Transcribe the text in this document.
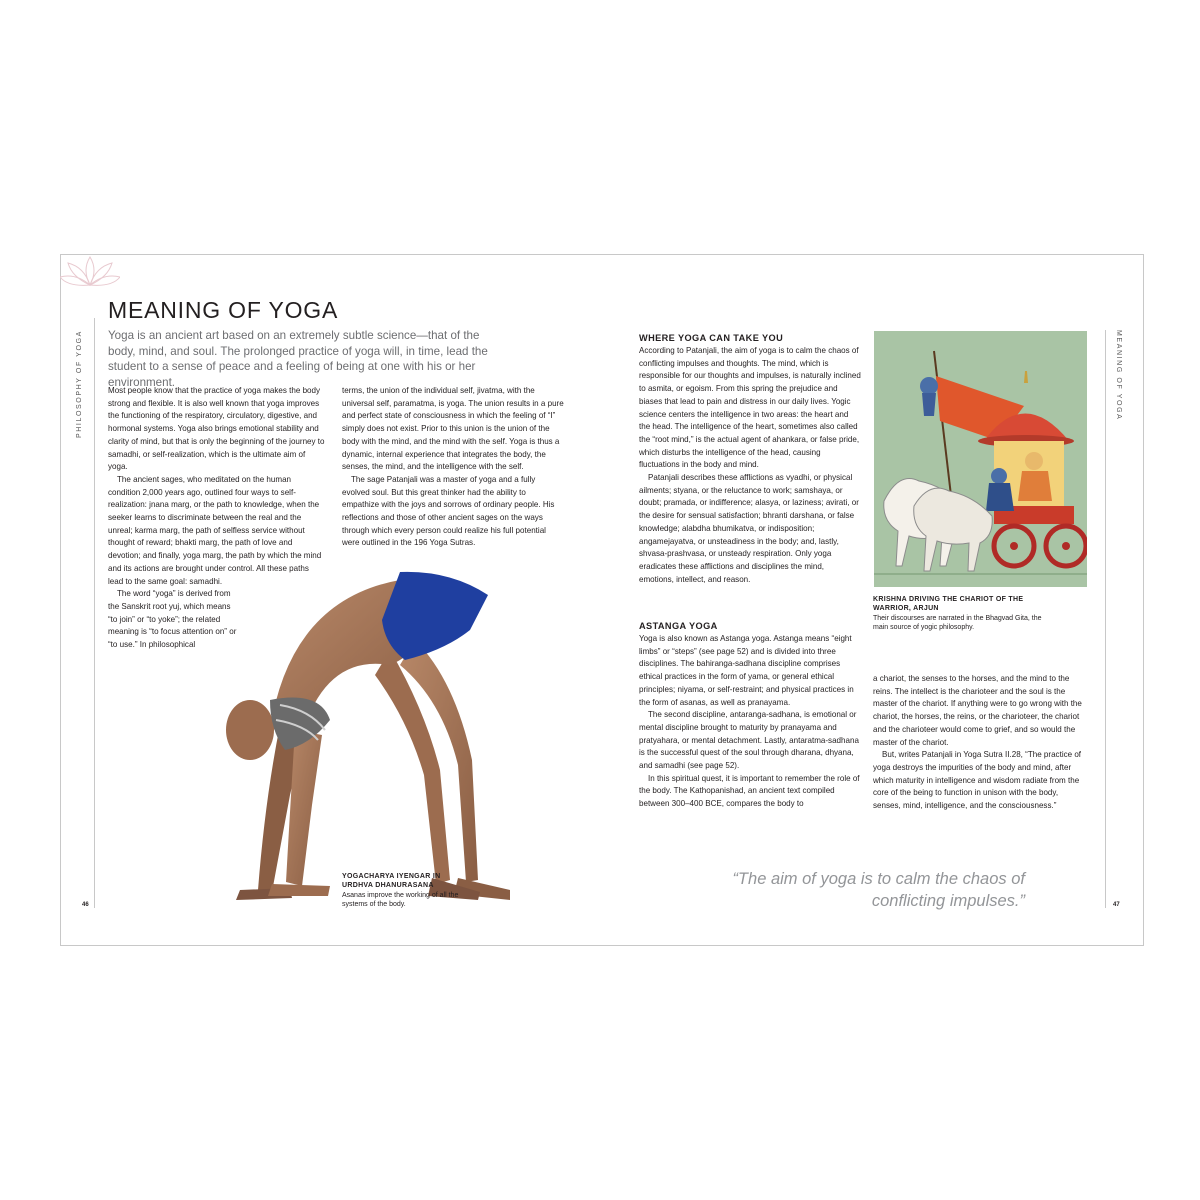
PHILOSOPHY OF YOGA	MEANING OF YOGA
MEANING OF YOGA
Yoga is an ancient art based on an extremely subtle science—that of the body, mind, and soul. The prolonged practice of yoga will, in time, lead the student to a sense of peace and a feeling of being at one with his or her environment.

Most people know that the practice of yoga makes the body strong and flexible. It is also well known that yoga improves the functioning of the respiratory, circulatory, digestive, and hormonal systems. Yoga also brings emotional stability and clarity of mind, but that is only the beginning of the journey to samadhi, or self-realization, which is the ultimate aim of yoga.

The ancient sages, who meditated on the human condition 2,000 years ago, outlined four ways to self-realization: jnana marg, or the path to knowledge, when the seeker learns to discriminate between the real and the unreal; karma marg, the path of selfless service without thought of reward; bhakti marg, the path of love and devotion; and finally, yoga marg, the path by which the mind and its actions are brought under control. All these paths lead to the same goal: samadhi.

The word “yoga” is derived from the Sanskrit root yuj, which means “to join” or “to yoke”; the related meaning is “to focus attention on” or “to use.” In philosophical

terms, the union of the individual self, jivatma, with the universal self, paramatma, is yoga. The union results in a pure and perfect state of consciousness in which the feeling of “I” simply does not exist. Prior to this union is the union of the body with the mind, and the mind with the self. Yoga is thus a dynamic, internal experience that integrates the body, the senses, the mind, and the intelligence with the self.

The sage Patanjali was a master of yoga and a fully evolved soul. But this great thinker had the ability to empathize with the joys and sorrows of ordinary people. His reflections and those of other ancient sages on the ways through which every person could realize his full potential were outlined in the 196 Yoga Sutras.

YOGACHARYA IYENGAR IN URDHVA DHANURASANA
Asanas improve the working of all the systems of the body.
46
WHERE YOGA CAN TAKE YOU

According to Patanjali, the aim of yoga is to calm the chaos of conflicting impulses and thoughts. The mind, which is responsible for our thoughts and impulses, is naturally inclined to asmita, or egoism. From this spring the prejudice and biases that lead to pain and distress in our daily lives. Yogic science centers the intelligence in two areas: the heart and the head. The intelligence of the heart, sometimes also called the “root mind,” is the actual agent of ahankara, or false pride, which disturbs the intelligence of the head, causing fluctuations in the body and mind.

Patanjali describes these afflictions as vyadhi, or physical ailments; styana, or the reluctance to work; samshaya, or doubt; pramada, or indifference; alasya, or laziness; avirati, or the desire for sensual satisfaction; bhranti darshana, or false knowledge; alabdha bhumikatva, or indisposition; angamejayatva, or unsteadiness in the body; and, lastly, shvasa-prashvasa, or unsteady respiration. Only yoga eradicates these afflictions and disciplines the mind, emotions, intellect, and reason.

ASTANGA YOGA

Yoga is also known as Astanga yoga. Astanga means “eight limbs” or “steps” (see page 52) and is divided into three disciplines. The bahiranga-sadhana discipline comprises ethical practices in the form of yama, or general ethical principles; niyama, or self-restraint; and physical practices in the form of asanas, as well as pranayama.

The second discipline, antaranga-sadhana, is emotional or mental discipline brought to maturity by pranayama and pratyahara, or mental detachment. Lastly, antaratma-sadhana is the successful quest of the soul through dharana, dhyana, and samadhi (see page 52).

In this spiritual quest, it is important to remember the role of the body. The Kathopanishad, an ancient text compiled between 300–400 BCE, compares the body to

a chariot, the senses to the horses, and the mind to the reins. The intellect is the charioteer and the soul is the master of the chariot. If anything were to go wrong with the chariot, the horses, the reins, or the charioteer, the chariot and the charioteer would come to grief, and so would the master of the chariot.

But, writes Patanjali in Yoga Sutra II.28, “The practice of yoga destroys the impurities of the body and mind, after which maturity in intelligence and wisdom radiate from the core of the being to function in unison with the body, senses, mind, intelligence, and the consciousness.”

KRISHNA DRIVING THE CHARIOT OF THE WARRIOR, ARJUN
Their discourses are narrated in the Bhagvad Gita, the main source of yogic philosophy.
“The aim of yoga is to calm the chaos of conflicting impulses.”	47
